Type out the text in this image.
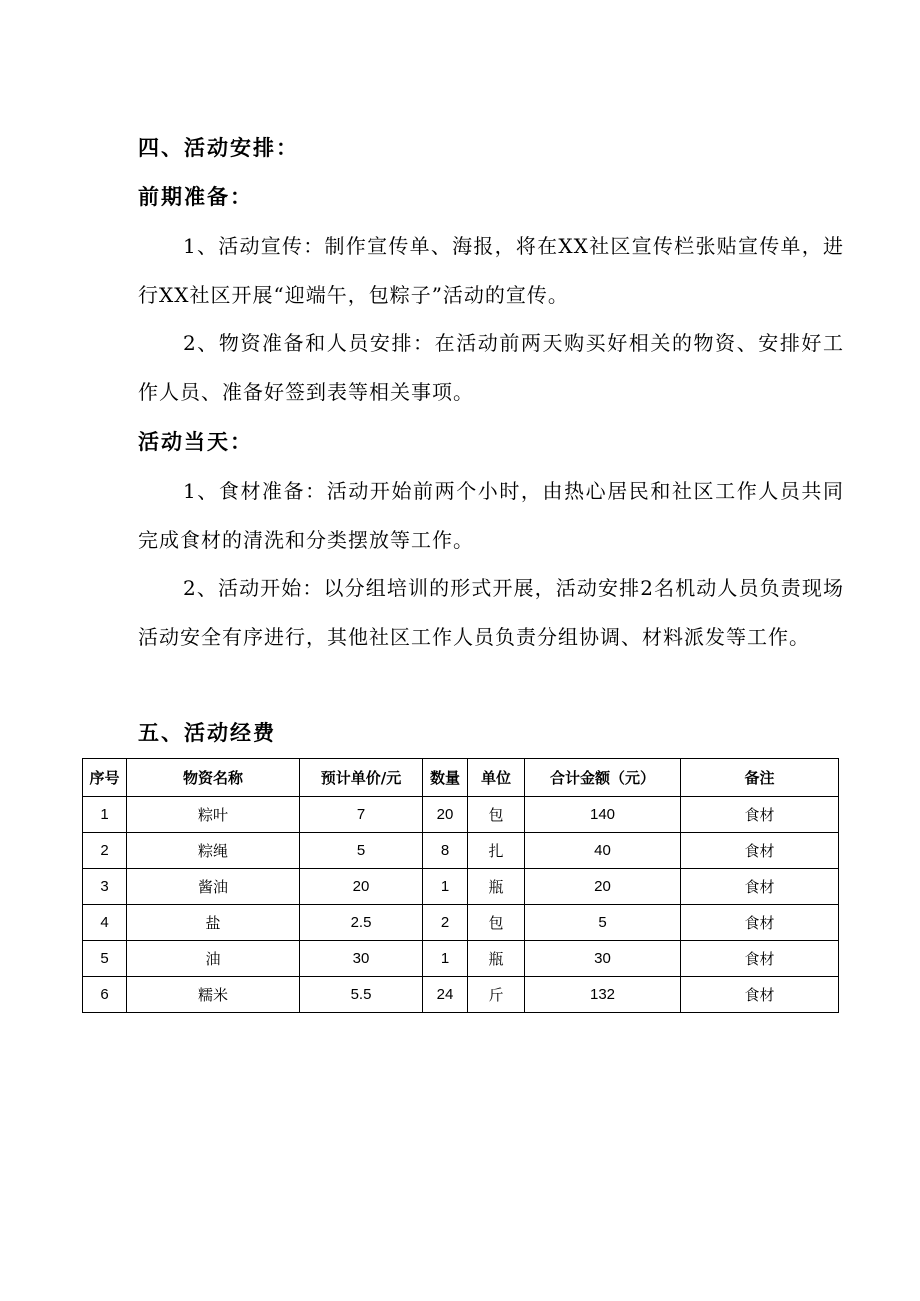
四、活动安排：
前期准备：
1、活动宣传：制作宣传单、海报，将在XX社区宣传栏张贴宣传单，进行XX社区开展“迎端午，包粽子”活动的宣传。
2、物资准备和人员安排：在活动前两天购买好相关的物资、安排好工作人员、准备好签到表等相关事项。
活动当天：
1、食材准备：活动开始前两个小时，由热心居民和社区工作人员共同完成食材的清洗和分类摆放等工作。
2、活动开始：以分组培训的形式开展，活动安排2名机动人员负责现场活动安全有序进行，其他社区工作人员负责分组协调、材料派发等工作。
五、活动经费
序号	物资名称	预计单价/元	数量	单位	合计金额（元）	备注
1	粽叶	7	20	包	140	食材
2	粽绳	5	8	扎	40	食材
3	酱油	20	1	瓶	20	食材
4	盐	2.5	2	包	5	食材
5	油	30	1	瓶	30	食材
6	糯米	5.5	24	斤	132	食材
